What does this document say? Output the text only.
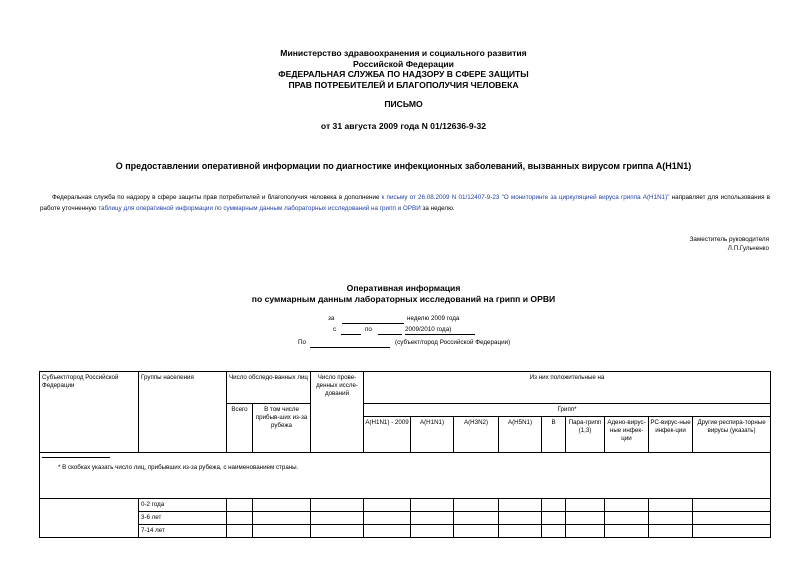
Министерство здравоохранения и социального развития
Российской Федерации
ФЕДЕРАЛЬНАЯ СЛУЖБА ПО НАДЗОРУ В СФЕРЕ ЗАЩИТЫ
ПРАВ ПОТРЕБИТЕЛЕЙ И БЛАГОПОЛУЧИЯ ЧЕЛОВЕКА
ПИСЬМО
от 31 августа 2009 года N 01/12636-9-32
О предоставлении оперативной информации по диагностике инфекционных заболеваний, вызванных вирусом гриппа A(H1N1)
Федеральная служба по надзору в сфере защиты прав потребителей и благополучия человека в дополнение к письму от 26.08.2009 N 01/12407-9-23 "О мониторинге за циркуляцией вируса гриппа A(H1N1)" направляет для использования в работе уточненную таблицу для оперативной информации по суммарным данным лабораторных исследований на грипп и ОРВИ за неделю.
Заместитель руководителя
Л.П.Гульченко
Оперативная информация
по суммарным данным лабораторных исследований на грипп и ОРВИ
за	неделю 2009 года
с	по	2009/2010 года)
По	(субъект/город Российской Федерации)
Субъект/город Российской Федерации	Группы населения	Число обследо-ванных лиц		Число прове-денных иссле-дований	Из них положительные на								
		Всего	В том числе прибыв-ших из-за рубежа		Грипп*								
					A(H1N1) - 2009	A(H1N1)	A(H3N2)	A(H5N1)	B	Пара-грипп (1,3)	Адено-вирус-ные инфек-ции	PC-вирус-ные инфек-ции	Другие респира-торные вирусы (указать)

* В скобках указать число лиц, прибывших из-за рубежа, с наименованием страны.													

	0-2 года												
	3-6 лет												
	7-14 лет												
